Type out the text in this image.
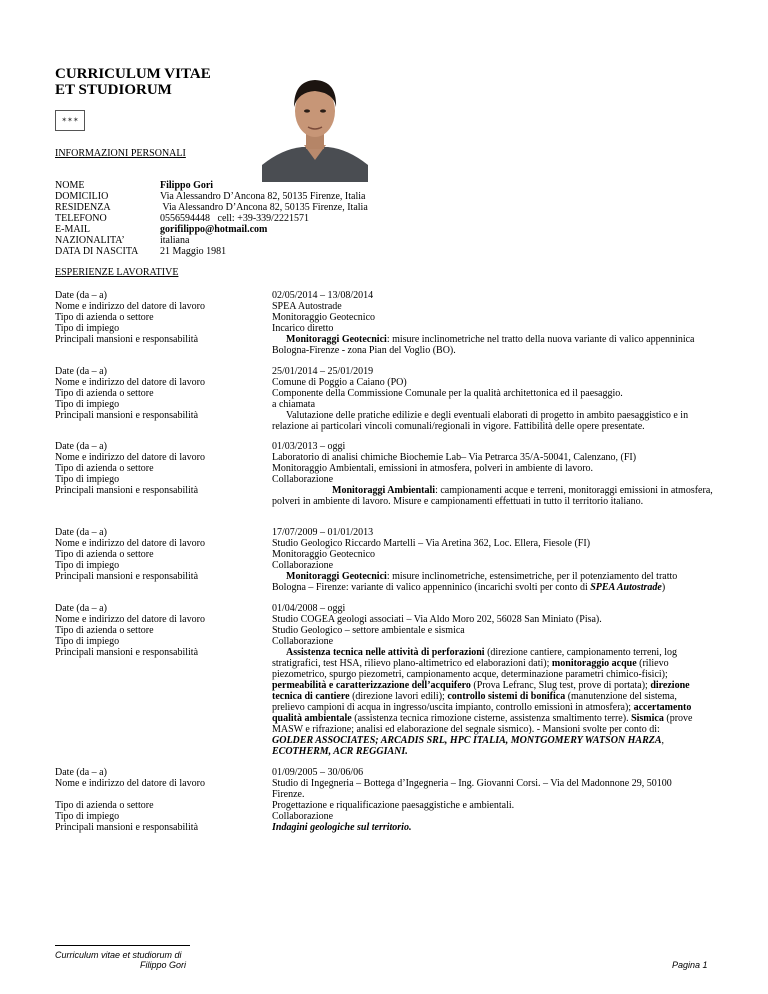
CURRICULUM VITAE
ET STUDIORUM
✶✶✶
INFORMAZIONI PERSONALI
NOME
DOMICILIO
RESIDENZA
TELEFONO
E-MAIL
NAZIONALITA’
DATA DI NASCITA
Filippo Gori
Via Alessandro D’Ancona 82, 50135 Firenze, Italia
Via Alessandro D’Ancona 82, 50135 Firenze, Italia
0556594448   cell: +39-339/2221571
gorifilippo@hotmail.com
italiana
21 Maggio 1981
ESPERIENZE LAVORATIVE
Date (da – a)
Nome e indirizzo del datore di lavoro
Tipo di azienda o settore
Tipo di impiego
Principali mansioni e responsabilità
02/05/2014 – 13/08/2014
SPEA Autostrade
Monitoraggio Geotecnico
Incarico diretto
Monitoraggi Geotecnici: misure inclinometriche nel tratto della nuova variante di valico appenninica
Bologna-Firenze - zona Pian del Voglio (BO).
Date (da – a)
Nome e indirizzo del datore di lavoro
Tipo di azienda o settore
Tipo di impiego
Principali mansioni e responsabilità
25/01/2014 – 25/01/2019
Comune di Poggio a Caiano (PO)
Componente della Commissione Comunale per la qualità architettonica ed il paesaggio.
a chiamata
Valutazione delle pratiche edilizie e degli eventuali elaborati di progetto in ambito paesaggistico e in
relazione ai particolari vincoli comunali/regionali in vigore. Fattibilità delle opere presentate.
Date (da – a)
Nome e indirizzo del datore di lavoro
Tipo di azienda o settore
Tipo di impiego
Principali mansioni e responsabilità
01/03/2013 – oggi
Laboratorio di analisi chimiche Biochemie Lab– Via Petrarca 35/A-50041, Calenzano, (FI)
Monitoraggio Ambientali, emissioni in atmosfera, polveri in ambiente di lavoro.
Collaborazione
Monitoraggi Ambientali: campionamenti acque e terreni, monitoraggi emissioni in atmosfera,
polveri in ambiente di lavoro. Misure e campionamenti effettuati in tutto il territorio italiano.
Date (da – a)
Nome e indirizzo del datore di lavoro
Tipo di azienda o settore
Tipo di impiego
Principali mansioni e responsabilità
17/07/2009 – 01/01/2013
Studio Geologico Riccardo Martelli – Via Aretina 362, Loc. Ellera, Fiesole (FI)
Monitoraggio Geotecnico
Collaborazione
Monitoraggi Geotecnici: misure inclinometriche, estensimetriche, per il potenziamento del tratto
Bologna – Firenze: variante di valico appenninico (incarichi svolti per conto di SPEA Autostrade)
Date (da – a)
Nome e indirizzo del datore di lavoro
Tipo di azienda o settore
Tipo di impiego
Principali mansioni e responsabilità
01/04/2008 – oggi
Studio COGEA geologi associati – Via Aldo Moro 202, 56028 San Miniato (Pisa).
Studio Geologico – settore ambientale e sismica
Collaborazione
Assistenza tecnica nelle attività di perforazioni (direzione cantiere, campionamento terreni, log
stratigrafici, test HSA, rilievo plano-altimetrico ed elaborazioni dati); monitoraggio acque (rilievo
piezometrico, spurgo piezometri, campionamento acque, determinazione parametri chimico-fisici);
permeabilità e caratterizzazione dell’acquifero (Prova Lefranc, Slug test, prove di portata); direzione
tecnica di cantiere (direzione lavori edili); controllo sistemi di bonifica (manutenzione del sistema,
prelievo campioni di acqua in ingresso/uscita impianto, controllo emissioni in atmosfera); accertamento
qualità ambientale (assistenza tecnica rimozione cisterne, assistenza smaltimento terre). Sismica (prove
MASW e rifrazione; analisi ed elaborazione del segnale sismico). - Mansioni svolte per conto di:
GOLDER ASSOCIATES; ARCADIS SRL, HPC ITALIA, MONTGOMERY WATSON HARZA,
ECOTHERM, ACR REGGIANI.
Date (da – a)
Nome e indirizzo del datore di lavoro
Tipo di azienda o settore
Tipo di impiego
Principali mansioni e responsabilità
01/09/2005 – 30/06/06
Studio di Ingegneria – Bottega d’Ingegneria – Ing. Giovanni Corsi. – Via del Madonnone 29, 50100
Firenze.
Progettazione e riqualificazione paesaggistiche e ambientali.
Collaborazione
Indagini geologiche sul territorio.
Curriculum vitae et studiorum di
Filippo Gori	Pagina 1
